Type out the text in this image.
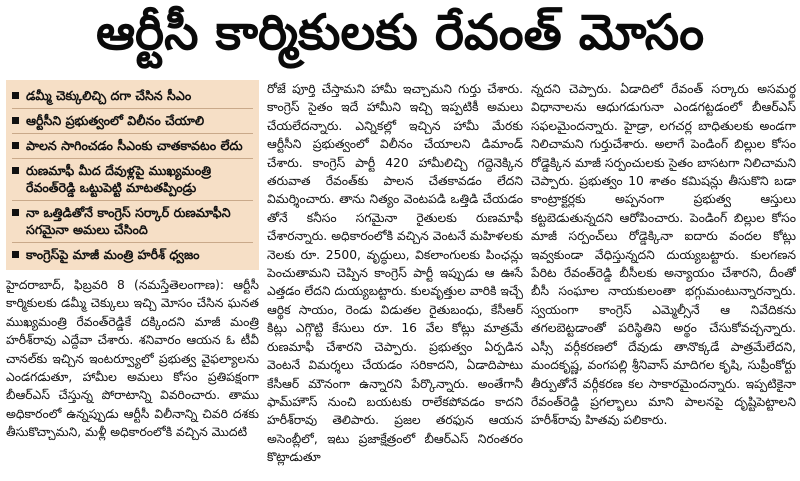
ఆర్టీసీ కార్మికులకు రేవంత్ మోసం
డమ్మీ చెక్కులిచ్చి దగా చేసిన సీఎం
ఆర్టీసీని ప్రభుత్వంలో విలీనం చేయాలి
పాలన సాగించడం సీఎంకు చాతకావటం లేదు
రుణమాఫీ మీద దేవుళ్లపై ముఖ్యమంత్రి రేవంత్‌రెడ్డి ఒట్టుపెట్టి మాటతప్పిండ్రు
నా ఒత్తిడితోనే కాంగ్రెస్ సర్కార్ రుణమాఫీని సగమైనా అమలు చేసింది
కాంగ్రెస్‌పై మాజీ మంత్రి హరీశ్ ధ్వజం

హైదరాబాద్, ఫిబ్రవరి 8 (నమస్తేతెలంగాణ): ఆర్టీసీ కార్మికులకు డమ్మీ చెక్కులు ఇచ్చి మోసం చేసిన ఘనత ముఖ్యమంత్రి రేవంత్‌రెడ్డికే దక్కిందని మాజీ మంత్రి హరీశ్‌రావు ఎద్దేవా చేశారు. శనివారం ఆయన ఓ టీవీ చానల్‌కు ఇచ్చిన ఇంటర్వ్యూలో ప్రభుత్వ వైఫల్యాలను ఎండగడుతూ, హామీల అమలు కోసం ప్రతిపక్షంగా బీఆర్‌ఎస్ చేస్తున్న పోరాటాన్ని వివరించారు. తాము అధికారంలో ఉన్నప్పుడు ఆర్టీసీ విలీనాన్ని చివరి దశకు తీసుకొచ్చామని, మళ్లీ అధికారంలోకి వచ్చిన మొదటి

రోజే పూర్తి చేస్తామని హామీ ఇచ్చామని గుర్తు చేశారు. కాంగ్రెస్ సైతం ఇదే హామీని ఇచ్చి ఇప్పటికీ అమలు చేయలేదన్నారు. ఎన్నికల్లో ఇచ్చిన హామీ మేరకు ఆర్టీసీని ప్రభుత్వంలో విలీనం చేయాలని డిమాండ్ చేశారు. కాంగ్రెస్ పార్టీ 420 హామీలిచ్చి గద్దెనెక్కిన తరువాత రేవంత్‌కు పాలన చేతకావడం లేదని విమర్శించారు. తాను నిత్యం వెంటపడి ఒత్తిడి చేయడం తోనే కనీసం సగమైనా రైతులకు రుణమాఫీ చేశారన్నారు. అధికారంలోకి వచ్చిన వెంటనే మహిళలకు నెలకు రూ. 2500, వృద్ధులు, వికలాంగులకు పింఛన్లు పెంచుతామని చెప్పిన కాంగ్రెస్ పార్టీ ఇప్పుడు ఆ ఊసే ఎత్తడం లేదని దుయ్యబట్టారు. కులవృత్తుల వారికి ఇచ్చే ఆర్థిక సాయం, రెండు విడుతల రైతుబంధు, కేసీఆర్ కిట్లు ఎగ్గొట్టి కేసులు రూ. 16 వేల కోట్లు మాత్రమే రుణమాఫీ చేశారని చెప్పారు. ప్రభుత్వం ఏర్పడిన వెంటనే విమర్శలు చేయడం సరికాదని, ఏడాదిపాటు కేసీఆర్ మౌనంగా ఉన్నారని పేర్కొన్నారు. అంతేగానీ ఫామ్‌హౌస్ నుంచి బయటకు రాలేకపోవడం కాదని హరీశ్‌రావు తెలిపారు. ప్రజల తరఫున ఆయన అసెంబ్లీలో, ఇటు ప్రజాక్షేత్రంలో బీఆర్‌ఎస్ నిరంతరం కొట్లాడుతూ

న్నదని చెప్పారు. ఏడాదిలో రేవంత్ సర్కారు అసమర్థ విధానాలను ఆధుగడుగునా ఎండగట్టడంలో బీఆర్‌ఎస్ సఫలమైందన్నారు. హైడ్రా, లగచర్ల బాధితులకు అండగా నిలిచామని గుర్తుచేశారు. అలాగే పెండింగ్ బిల్లుల కోసం రోడ్డెక్కిన మాజీ సర్పంచులకు సైతం బాసటగా నిలిచామని చెప్పారు. ప్రభుత్వం 10 శాతం కమిషన్లు తీసుకొని బడా కాంట్రాక్టర్లకు అప్పనంగా ప్రభుత్వ ఆస్తులు కట్టబెడుతున్నదని ఆరోపించారు. పెండింగ్ బిల్లుల కోసం మాజీ సర్పంచ్‌లు రోడ్డెక్కినా ఐదారు వందల కోట్లు ఇవ్వకుండా వేధిస్తున్నదని దుయ్యబట్టారు. కులగణన పేరిట రేవంత్‌రెడ్డి బీసీలకు అన్యాయం చేశారని, దీంతో బీసీ సంఘాల నాయకులంతా భగ్గుమంటున్నారన్నారు. స్వయంగా కాంగ్రెస్ ఎమ్మెల్సీనే ఆ నివేదికను తగలబెట్టడాంతో పరిస్థితిని అర్థం చేసుకోవచ్చన్నారు. ఎస్సీ వర్గీకరణలో దేవుడు తానొక్కడే పాత్రమేలేదని, మందకృష్ణ, వంగపల్లి శ్రీనివాస్ మాదిగల కృషి, సుప్రీంకోర్టు తీర్పుతోనే వర్గీకరణ కల సాకారమైందన్నారు. ఇప్పటికైనా రేవంత్‌రెడ్డి ప్రగల్భాలు మాని పాలనపై దృష్టిపెట్టాలని హరీశ్‌రావు హితవు పలికారు.
